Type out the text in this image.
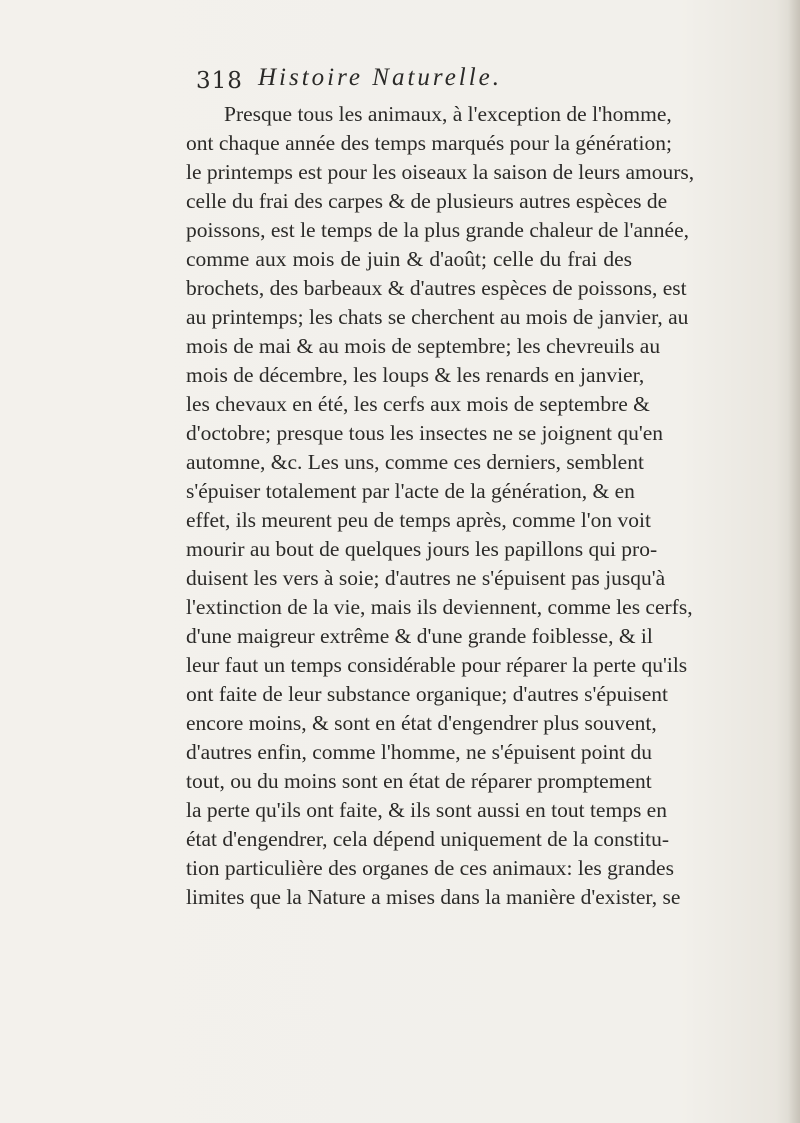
318 Histoire Naturelle.
Presque tous les animaux, à l'exception de l'homme,
ont chaque année des temps marqués pour la génération;
le printemps est pour les oiseaux la saison de leurs amours,
celle du frai des carpes & de plusieurs autres espèces de
poissons, est le temps de la plus grande chaleur de l'année,
comme aux mois de juin & d'août; celle du frai des
brochets, des barbeaux & d'autres espèces de poissons, est
au printemps; les chats se cherchent au mois de janvier, au
mois de mai & au mois de septembre; les chevreuils au
mois de décembre, les loups & les renards en janvier,
les chevaux en été, les cerfs aux mois de septembre &
d'octobre; presque tous les insectes ne se joignent qu'en
automne, &c. Les uns, comme ces derniers, semblent
s'épuiser totalement par l'acte de la génération, & en
effet, ils meurent peu de temps après, comme l'on voit
mourir au bout de quelques jours les papillons qui pro-
duisent les vers à soie; d'autres ne s'épuisent pas jusqu'à
l'extinction de la vie, mais ils deviennent, comme les cerfs,
d'une maigreur extrême & d'une grande foiblesse, & il
leur faut un temps considérable pour réparer la perte qu'ils
ont faite de leur substance organique; d'autres s'épuisent
encore moins, & sont en état d'engendrer plus souvent,
d'autres enfin, comme l'homme, ne s'épuisent point du
tout, ou du moins sont en état de réparer promptement
la perte qu'ils ont faite, & ils sont aussi en tout temps en
état d'engendrer, cela dépend uniquement de la constitu-
tion particulière des organes de ces animaux: les grandes
limites que la Nature a mises dans la manière d'exister, se
